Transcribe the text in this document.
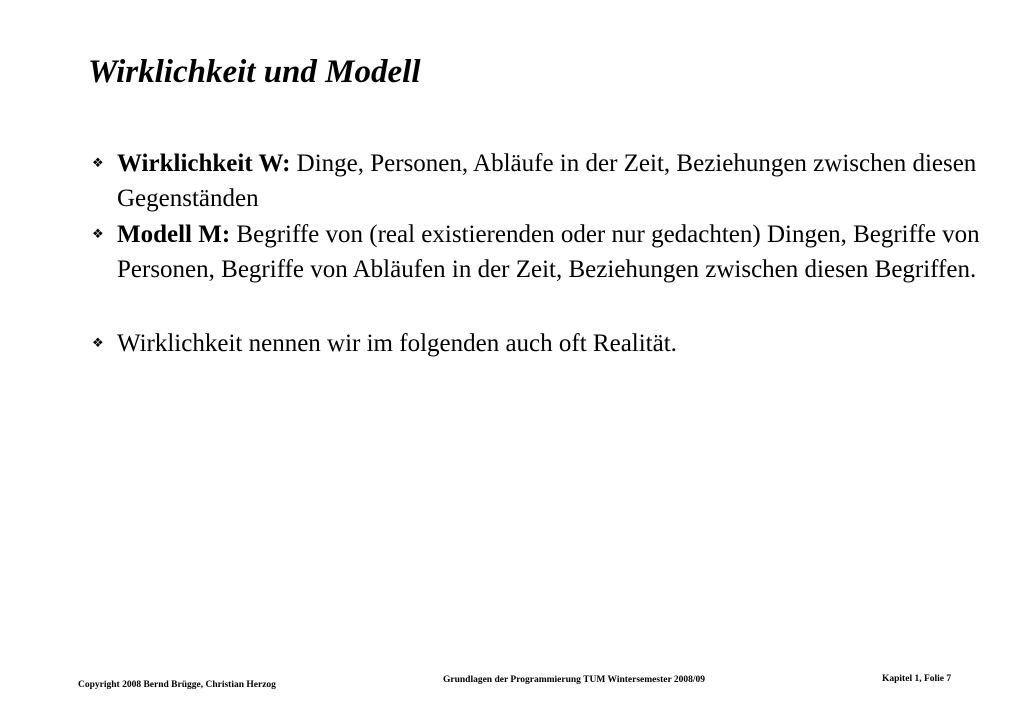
Wirklichkeit und Modell
❖ Wirklichkeit W: Dinge, Personen, Abläufe in der Zeit, Beziehungen zwischen diesen Gegenständen
❖ Modell M: Begriffe von (real existierenden oder nur gedachten) Dingen, Begriffe von Personen, Begriffe von Abläufen in der Zeit, Beziehungen zwischen diesen Begriffen.
❖ Wirklichkeit nennen wir im folgenden auch oft Realität.
Copyright 2008 Bernd Brügge, Christian Herzog	Grundlagen der Programmierung TUM Wintersemester 2008/09	Kapitel 1, Folie 7
